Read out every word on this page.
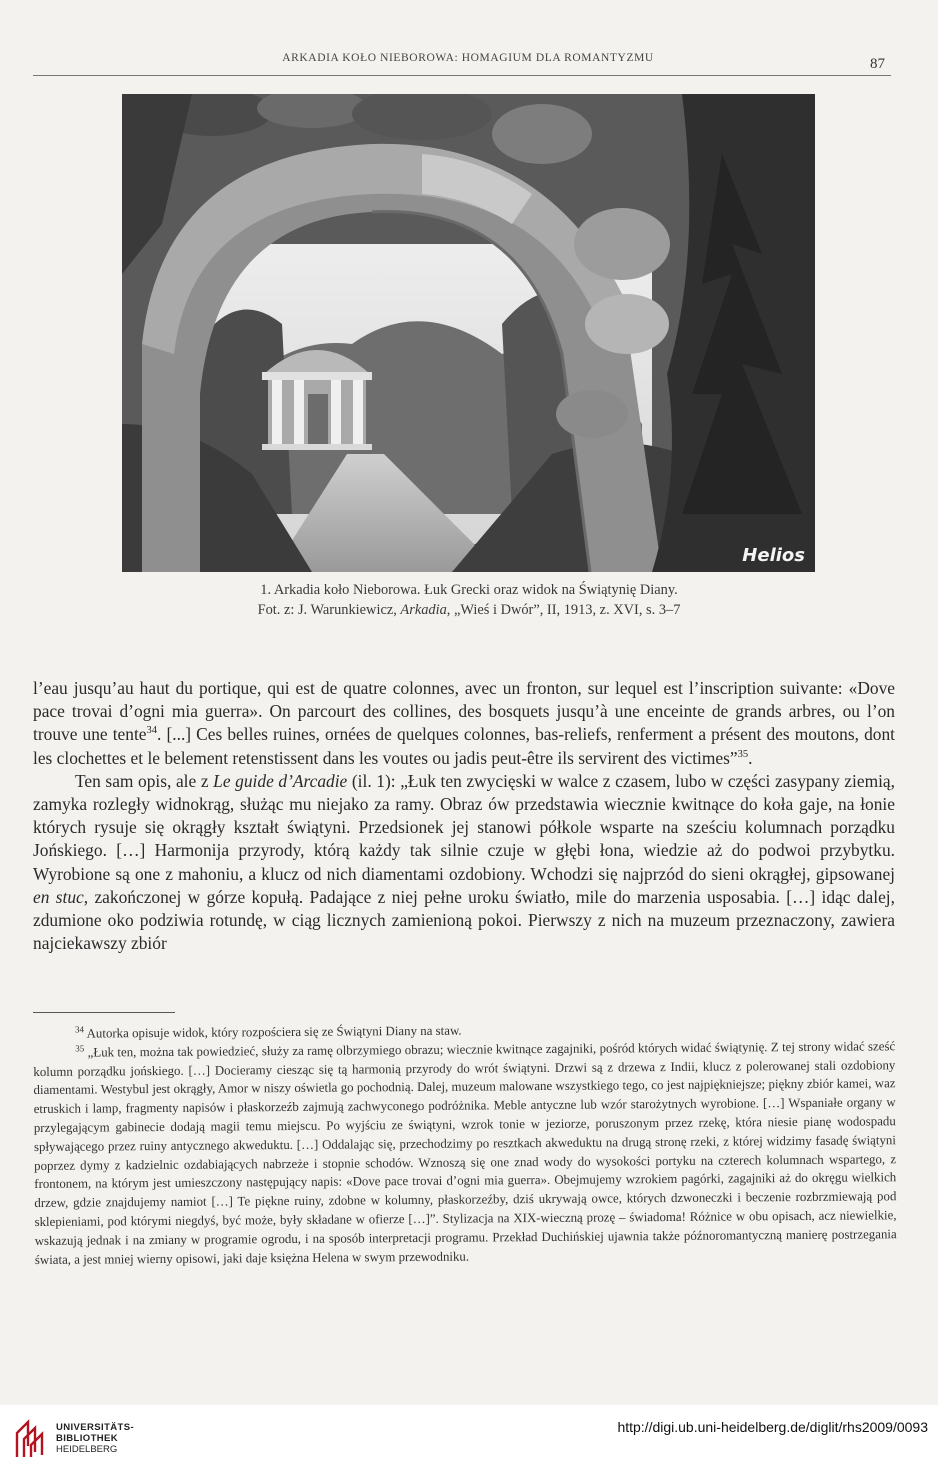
ARKADIA KOŁO NIEBOROWA: HOMAGIUM DLA ROMANTYZMU	87
Helios
1. Arkadia koło Nieborowa. Łuk Grecki oraz widok na Świątynię Diany.
Fot. z: J. Warunkiewicz, Arkadia, „Wieś i Dwór”, II, 1913, z. XVI, s. 3–7

l’eau jusqu’au haut du portique, qui est de quatre colonnes, avec un fronton, sur lequel est l’inscription suivante: «Dove pace trovai d’ogni mia guerra». On parcourt des collines, des bosquets jusqu’à une enceinte de grands arbres, ou l’on trouve une tente$^{34}$. [...] Ces belles ruines, ornées de quelques colonnes, bas-reliefs, renferment a présent des moutons, dont les clochettes et le belement retenstissent dans les voutes ou jadis peut-être ils servirent des victimes”$^{35}$.

Ten sam opis, ale z Le guide d’Arcadie (il. 1): „Łuk ten zwycięski w walce z czasem, lubo w części zasypany ziemią, zamyka rozległy widnokrąg, służąc mu niejako za ramy. Obraz ów przedstawia wiecznie kwitnące do koła gaje, na łonie których rysuje się okrągły kształt świątyni. Przedsionek jej stanowi półkole wsparte na sześciu kolumnach porządku Jońskiego. […] Harmonija przyrody, którą każdy tak silnie czuje w głębi łona, wiedzie aż do podwoi przybytku. Wyrobione są one z mahoniu, a klucz od nich diamentami ozdobiony. Wchodzi się najprzód do sieni okrągłej, gipsowanej en stuc, zakończonej w górze kopułą. Padające z niej pełne uroku światło, mile do marzenia usposabia. […] idąc dalej, zdumione oko podziwia rotundę, w ciąg licznych zamienioną pokoi. Pierwszy z nich na muzeum przeznaczony, zawiera najciekawszy zbiór

$^{34}$ Autorka opisuje widok, który rozpościera się ze Świątyni Diany na staw.

$^{35}$ „Łuk ten, można tak powiedzieć, służy za ramę olbrzymiego obrazu; wiecznie kwitnące zagajniki, pośród których widać świątynię. Z tej strony widać sześć kolumn porządku jońskiego. […] Docieramy ciesząc się tą harmonią przyrody do wrót świątyni. Drzwi są z drzewa z Indii, klucz z polerowanej stali ozdobiony diamentami. Westybul jest okrągły, Amor w niszy oświetla go pochodnią. Dalej, muzeum malowane wszystkiego tego, co jest najpiękniejsze; piękny zbiór kamei, waz etruskich i lamp, fragmenty napisów i płaskorzeźb zajmują zachwyconego podróżnika. Meble antyczne lub wzór starożytnych wyrobione. […] Wspaniałe organy w przylegającym gabinecie dodają magii temu miejscu. Po wyjściu ze świątyni, wzrok tonie w jeziorze, poruszonym przez rzekę, która niesie pianę wodospadu spływającego przez ruiny antycznego akweduktu. […] Oddalając się, przechodzimy po resztkach akweduktu na drugą stronę rzeki, z której widzimy fasadę świątyni poprzez dymy z kadzielnic ozdabiających nabrzeże i stopnie schodów. Wznoszą się one znad wody do wysokości portyku na czterech kolumnach wspartego, z frontonem, na którym jest umieszczony następujący napis: «Dove pace trovai d’ogni mia guerra». Obejmujemy wzrokiem pagórki, zagajniki aż do okręgu wielkich drzew, gdzie znajdujemy namiot […] Te piękne ruiny, zdobne w kolumny, płaskorzeźby, dziś ukrywają owce, których dzwoneczki i beczenie rozbrzmiewają pod sklepieniami, pod którymi niegdyś, być może, były składane w ofierze […]”. Stylizacja na XIX-wieczną prozę – świadoma! Różnice w obu opisach, acz niewielkie, wskazują jednak i na zmiany w programie ogrodu, i na sposób interpretacji programu. Przekład Duchińskiej ujawnia także późnoromantyczną manierę postrzegania świata, a jest mniej wierny opisowi, jaki daje księżna Helena w swym przewodniku.

UNIVERSITÄTS-
BIBLIOTHEK
HEIDELBERG
http://digi.ub.uni-heidelberg.de/diglit/rhs2009/0093
